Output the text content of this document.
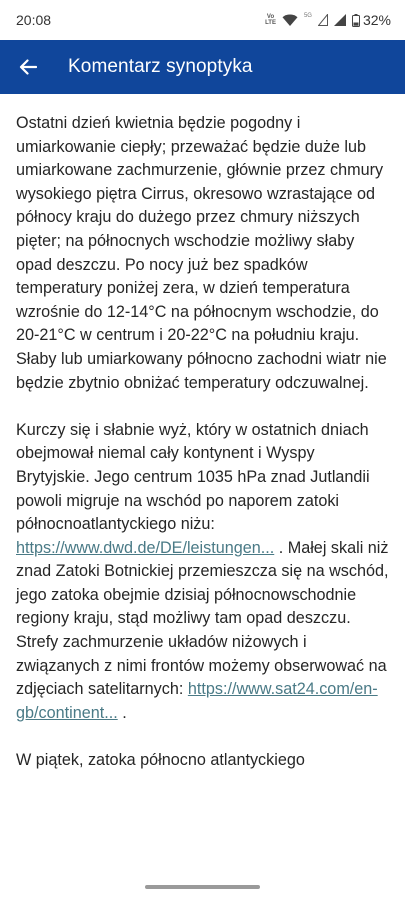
20:08	Vo
LTE
5G	32%
Komentarz synoptyka

Ostatni dzień kwietnia będzie pogodny i umiarkowanie ciepły; przeważać będzie duże lub umiarkowane zachmurzenie, głównie przez chmury wysokiego piętra Cirrus, okresowo wzrastające od północy kraju do dużego przez chmury niższych pięter; na północnych wschodzie możliwy słaby opad deszczu. Po nocy już bez spadków temperatury poniżej zera, w dzień temperatura wzrośnie do 12-14°C na północnym wschodzie, do 20-21°C w centrum i 20-22°C na południu kraju. Słaby lub umiarkowany północno zachodni wiatr nie będzie zbytnio obniżać temperatury odczuwalnej.

Kurczy się i słabnie wyż, który w ostatnich dniach obejmował niemal cały kontynent i Wyspy Brytyjskie. Jego centrum 1035 hPa znad Jutlandii powoli migruje na wschód po naporem zatoki północnoatlantyckiego niżu: https://www.dwd.de/DE/leistungen... . Małej skali niż znad Zatoki Botnickiej przemieszcza się na wschód, jego zatoka obejmie dzisiaj północnowschodnie regiony kraju, stąd możliwy tam opad deszczu. Strefy zachmurzenie układów niżowych i związanych z nimi frontów możemy obserwować na zdjęciach satelitarnych: https://www.sat24.com/en-gb/continent... .

W piątek, zatoka północno atlantyckiego
